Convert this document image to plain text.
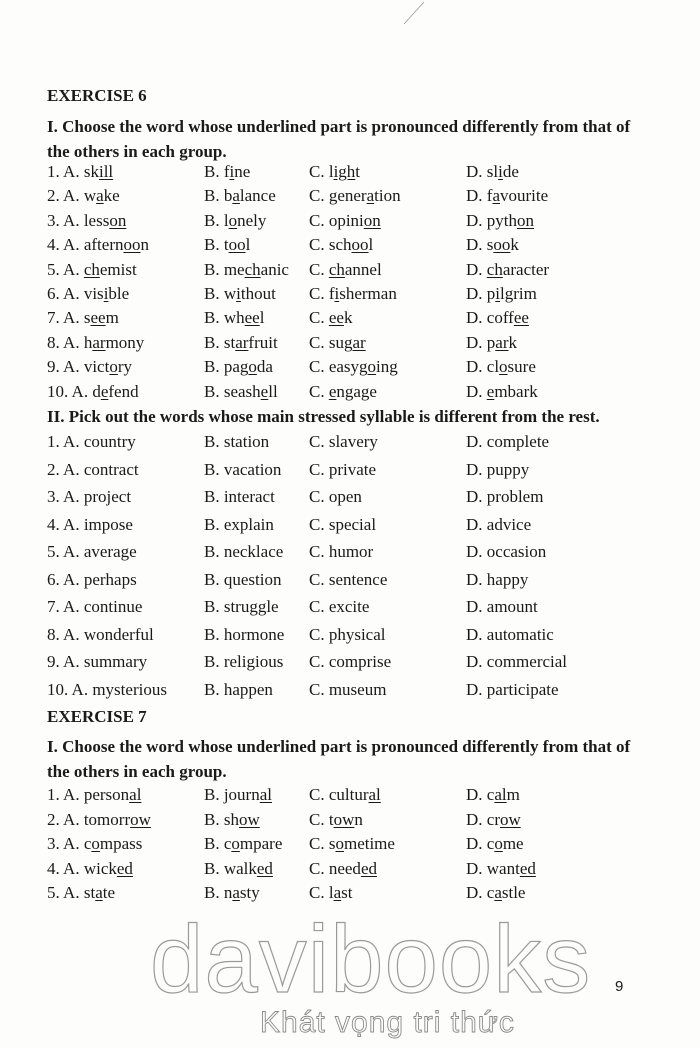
EXERCISE 6
I. Choose the word whose underlined part is pronounced differently from that of the others in each group.
1. A. skill	B. fine	C. light	D. slide
2. A. wake	B. balance C. generation	D. favourite
3. A. lesson	B. lonely	C. opinion	D. python
4. A. afternoon	B. tool	C. school	D. sook
5. A. chemist	B. mechanic C. channel	D. character
6. A. visible	B. without C. fisherman	D. pilgrim
7. A. seem	B. wheel	C. eek	D. coffee
8. A. harmony	B. starfruit C. sugar	D. park
9. A. victory	B. pagoda C. easygoing	D. closure
10. A. defend	B. seashell C. engage	D. embark
II. Pick out the words whose main stressed syllable is different from the rest.
1. A. country	B. station C. slavery	D. complete
2. A. contract	B. vacation C. private	D. puppy
3. A. project	B. interact C. open	D. problem
4. A. impose	B. explain C. special	D. advice
5. A. average	B. necklace C. humor	D. occasion
6. A. perhaps	B. question C. sentence	D. happy
7. A. continue	B. struggle C. excite	D. amount
8. A. wonderful	B. hormone C. physical	D. automatic
9. A. summary	B. religious C. comprise	D. commercial
10. A. mysterious B. happen C. museum	D. participate
EXERCISE 7
I. Choose the word whose underlined part is pronounced differently from that of the others in each group.
1. A. personal	B. journal C. cultural	D. calm
2. A. tomorrow	B. show	C. town	D. crow
3. A. compass	B. compare C. sometime	D. come
4. A. wicked	B. walked C. needed	D. wanted
5. A. state	B. nasty	C. last	D. castle
davibooks
Khát vọng tri thức
9
